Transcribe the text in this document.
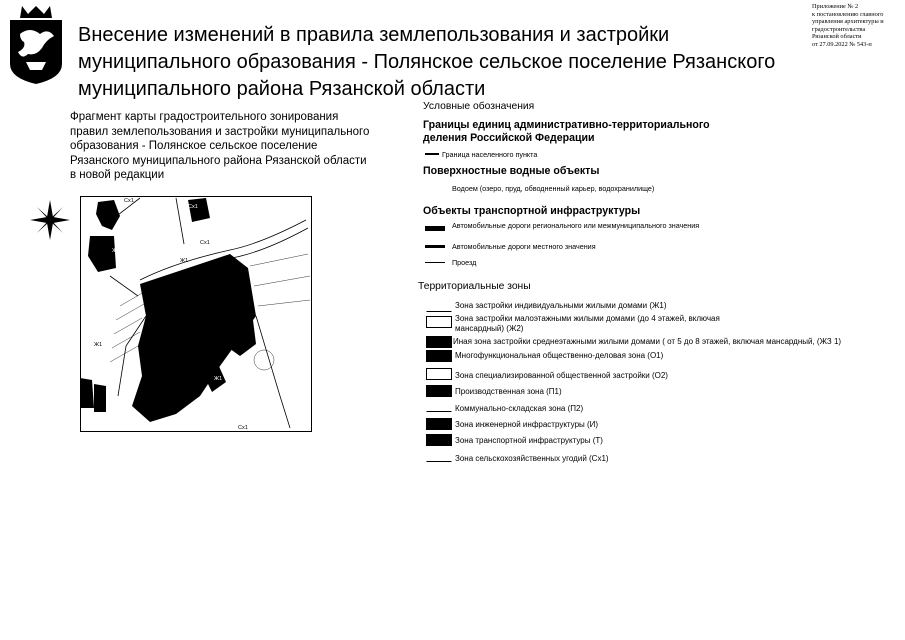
Внесение изменений в правила землепользования и застройки муниципального образования - Полянское сельское поселение Рязанского муниципального района Рязанской области
Приложение № 2
к постановлению главного
управления архитектуры и
градостроительства
Рязанской области
от 27.09.2022 № 543-п
Фрагмент карты градостроительного зонирования правил землепользования и застройки муниципального образования - Полянское сельское поселение Рязанского муниципального района Рязанской области в новой редакции
Сх1
Сх1
Сх1
Ж1
Ж1
Ж1
Ж1
Сх1
Условные обозначения
Границы единиц административно-территориального деления Российской Федерации
Граница населенного пункта
Поверхностные водные объекты
Водоем (озеро, пруд, обводненный карьер, водохранилище)
Объекты транспортной инфраструктуры
Автомобильные дороги регионального или межмуниципального значения
Автомобильные дороги местного значения
Проезд
Территориальные зоны
Зона застройки индивидуальными жилыми домами (Ж1)
Зона застройки малоэтажными жилыми домами (до 4 этажей, включая мансардный) (Ж2)
Иная зона застройки среднеэтажными жилыми домами ( от 5 до 8 этажей, включая мансардный, (ЖЗ 1)
Многофункциональная общественно-деловая зона (О1)
Зона специализированной общественной застройки (О2)
Производственная зона (П1)
Коммунально-складская зона (П2)
Зона инженерной инфраструктуры (И)
Зона транспортной инфраструктуры (Т)
Зона сельскохозяйственных угодий (Сх1)
